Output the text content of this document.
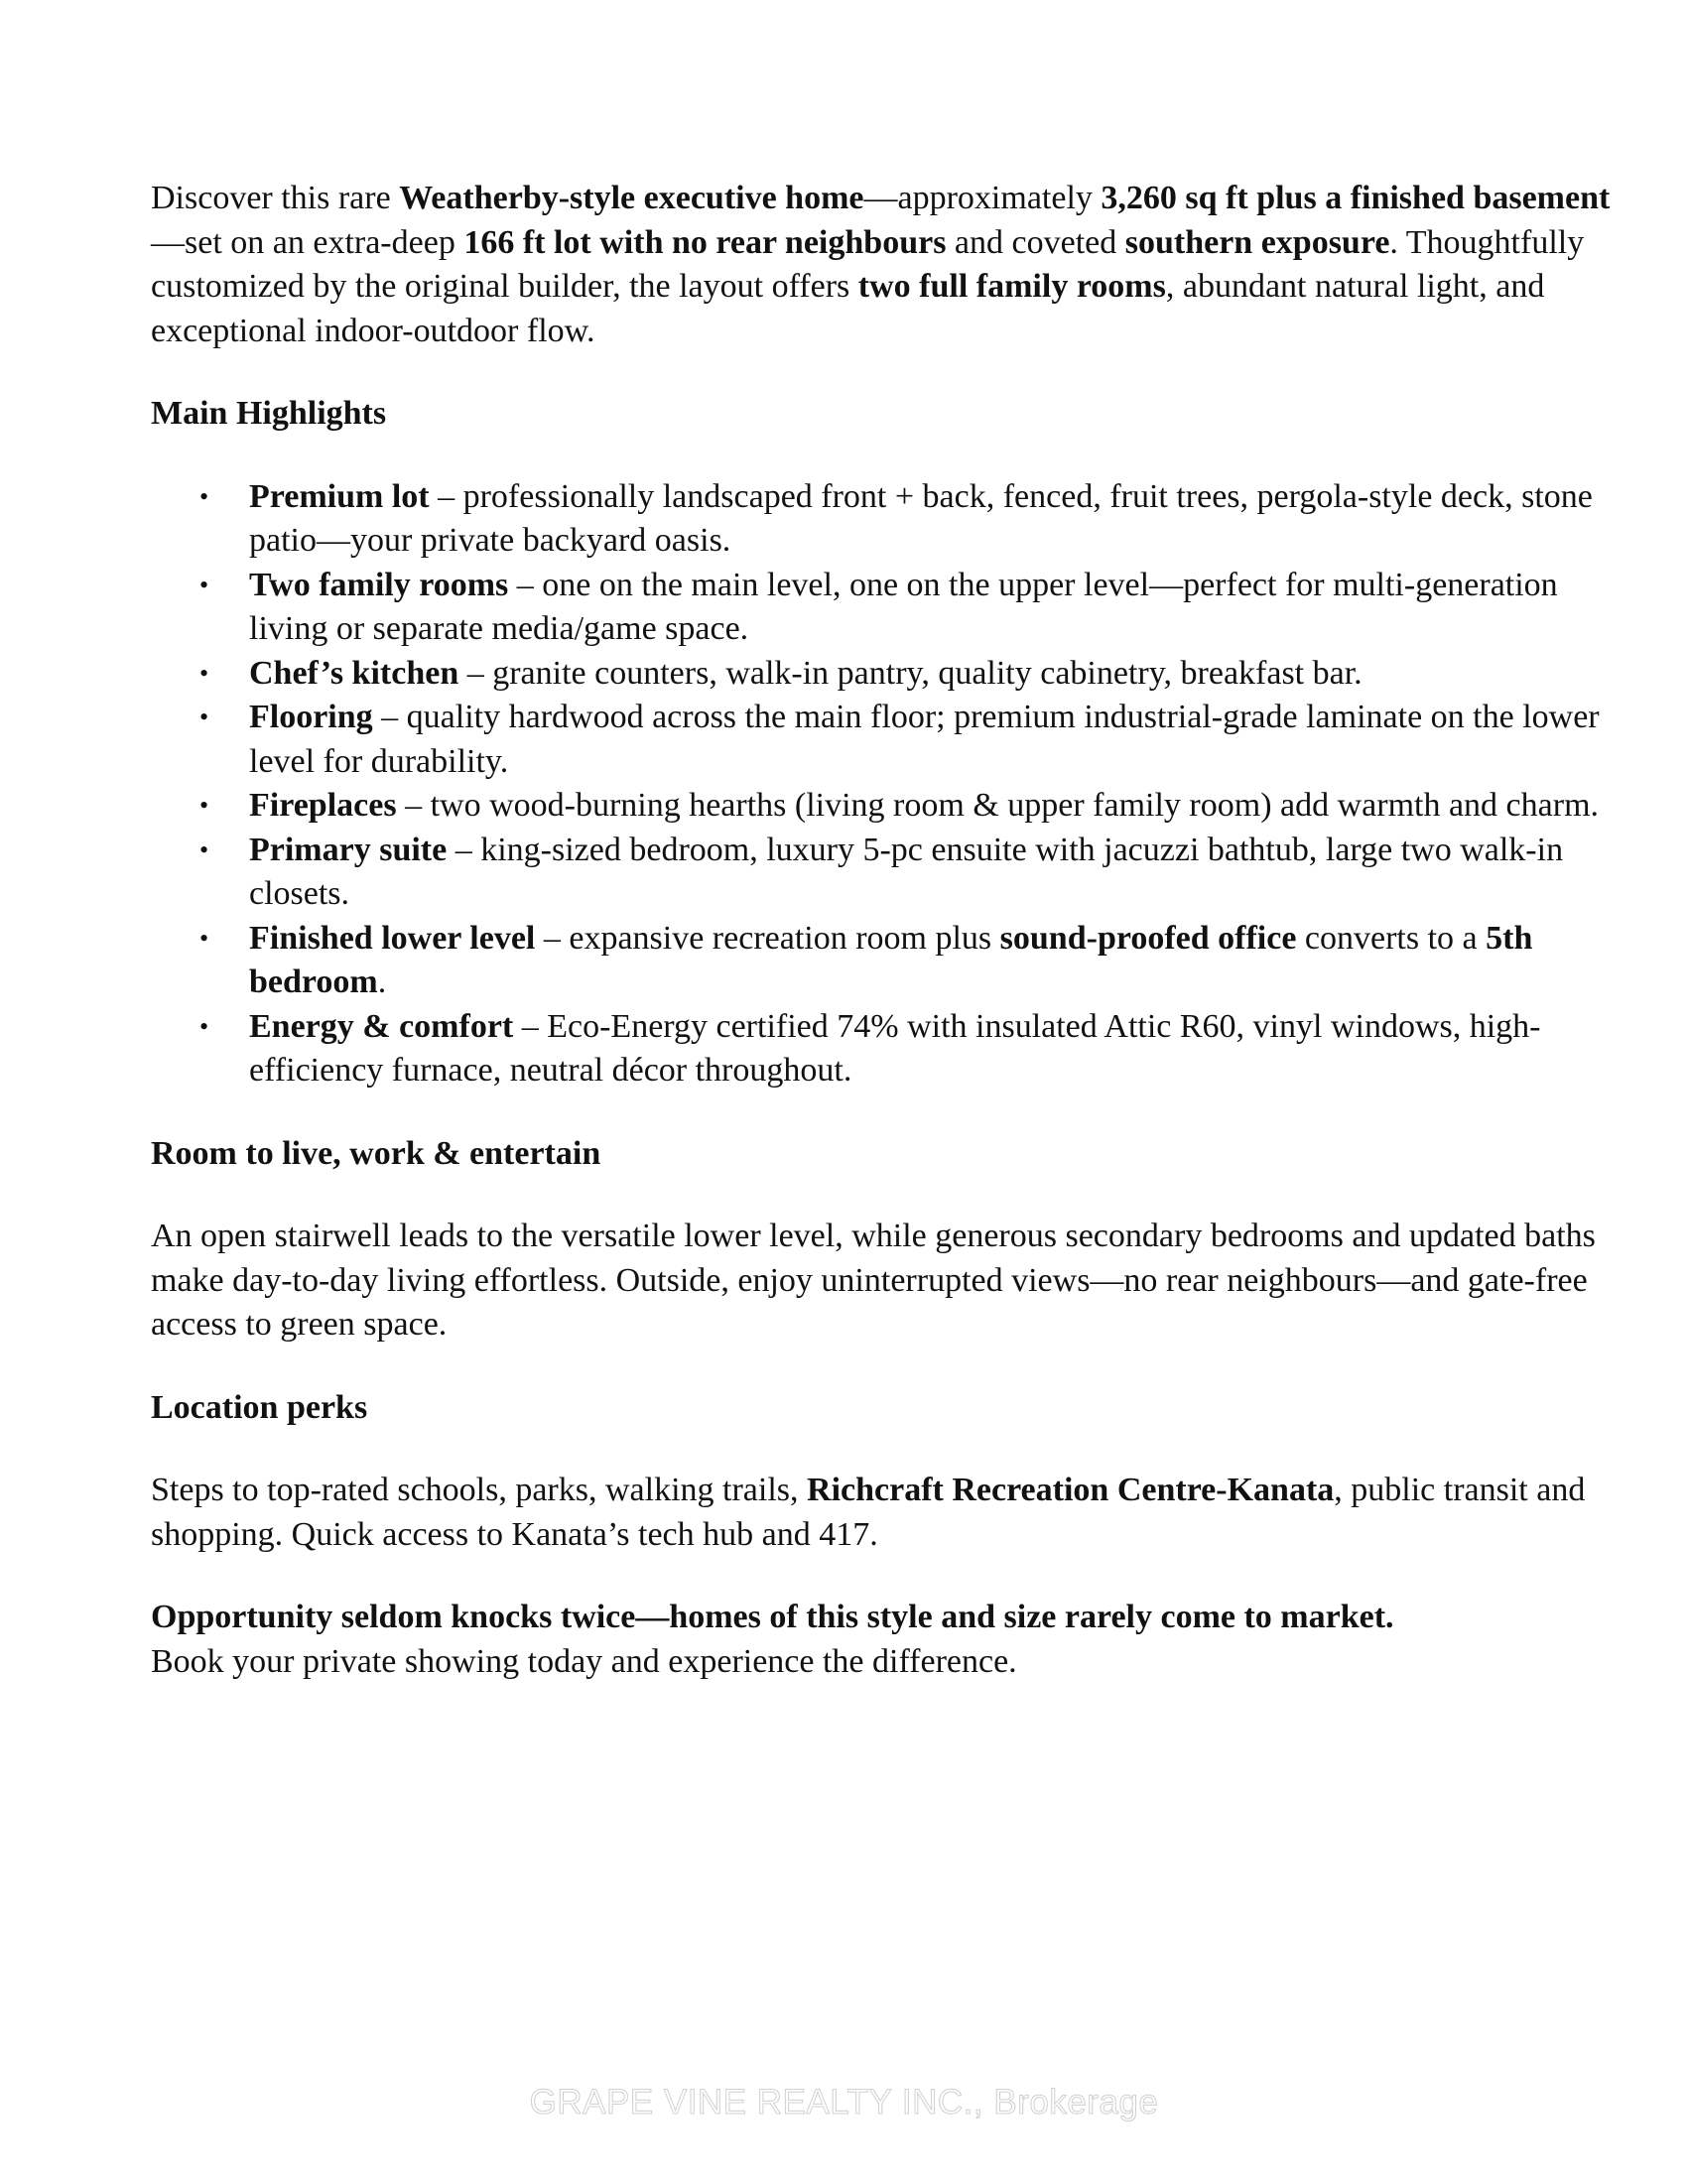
Discover this rare Weatherby-style executive home—approximately 3,260 sq ft plus a finished basement—set on an extra-deep 166 ft lot with no rear neighbours and coveted southern exposure. Thoughtfully customized by the original builder, the layout offers two full family rooms, abundant natural light, and exceptional indoor-outdoor flow.

Main Highlights

• Premium lot – professionally landscaped front + back, fenced, fruit trees, pergola-style deck, stone patio—your private backyard oasis.
• Two family rooms – one on the main level, one on the upper level—perfect for multi-generation living or separate media/game space.
• Chef’s kitchen – granite counters, walk-in pantry, quality cabinetry, breakfast bar.
• Flooring – quality hardwood across the main floor; premium industrial-grade laminate on the lower level for durability.
• Fireplaces – two wood-burning hearths (living room & upper family room) add warmth and charm.
• Primary suite – king-sized bedroom, luxury 5-pc ensuite with jacuzzi bathtub, large two walk-in closets.
• Finished lower level – expansive recreation room plus sound-proofed office converts to a 5th bedroom.
• Energy & comfort – Eco-Energy certified 74% with insulated Attic R60, vinyl windows, high-efficiency furnace, neutral décor throughout.

Room to live, work & entertain

An open stairwell leads to the versatile lower level, while generous secondary bedrooms and updated baths make day-to-day living effortless. Outside, enjoy uninterrupted views—no rear neighbours—and gate-free access to green space.

Location perks

Steps to top-rated schools, parks, walking trails, Richcraft Recreation Centre-Kanata, public transit and shopping. Quick access to Kanata’s tech hub and 417.

Opportunity seldom knocks twice—homes of this style and size rarely come to market.
Book your private showing today and experience the difference.

GRAPE VINE REALTY INC., Brokerage
